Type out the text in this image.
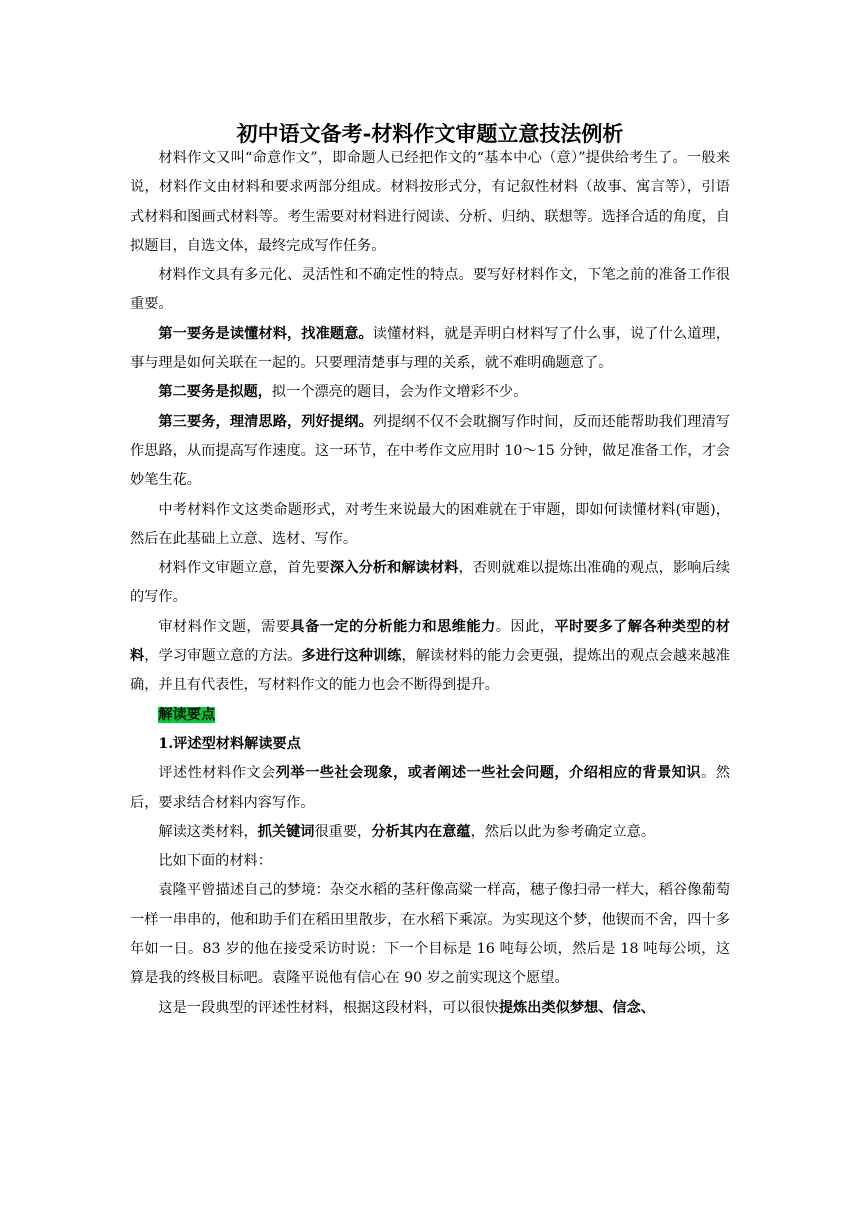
初中语文备考-材料作文审题立意技法例析

材料作文又叫“命意作文”，即命题人已经把作文的“基本中心（意）”提供给考生了。一般来说，材料作文由材料和要求两部分组成。材料按形式分，有记叙性材料（故事、寓言等），引语式材料和图画式材料等。考生需要对材料进行阅读、分析、归纳、联想等。选择合适的角度，自拟题目，自选文体，最终完成写作任务。

材料作文具有多元化、灵活性和不确定性的特点。要写好材料作文，下笔之前的准备工作很重要。

第一要务是读懂材料，找准题意。读懂材料，就是弄明白材料写了什么事，说了什么道理，事与理是如何关联在一起的。只要理清楚事与理的关系，就不难明确题意了。

第二要务是拟题，拟一个漂亮的题目，会为作文增彩不少。

第三要务，理清思路，列好提纲。列提纲不仅不会耽搁写作时间，反而还能帮助我们理清写作思路，从而提高写作速度。这一环节，在中考作文应用时 10～15 分钟，做足准备工作，才会妙笔生花。

中考材料作文这类命题形式，对考生来说最大的困难就在于审题，即如何读懂材料(审题)，然后在此基础上立意、选材、写作。

材料作文审题立意，首先要深入分析和解读材料，否则就难以提炼出准确的观点，影响后续的写作。

审材料作文题，需要具备一定的分析能力和思维能力。因此，平时要多了解各种类型的材料，学习审题立意的方法。多进行这种训练，解读材料的能力会更强，提炼出的观点会越来越准确，并且有代表性，写材料作文的能力也会不断得到提升。

解读要点

1.评述型材料解读要点

评述性材料作文会列举一些社会现象，或者阐述一些社会问题，介绍相应的背景知识。然后，要求结合材料内容写作。

解读这类材料，抓关键词很重要，分析其内在意蕴，然后以此为参考确定立意。

比如下面的材料：

袁隆平曾描述自己的梦境：杂交水稻的茎秆像高粱一样高，穗子像扫帚一样大，稻谷像葡萄一样一串串的，他和助手们在稻田里散步，在水稻下乘凉。为实现这个梦，他锲而不舍，四十多年如一日。83 岁的他在接受采访时说：下一个目标是 16 吨每公顷，然后是 18 吨每公顷，这算是我的终极目标吧。袁隆平说他有信心在 90 岁之前实现这个愿望。

这是一段典型的评述性材料，根据这段材料，可以很快提炼出类似梦想、信念、
